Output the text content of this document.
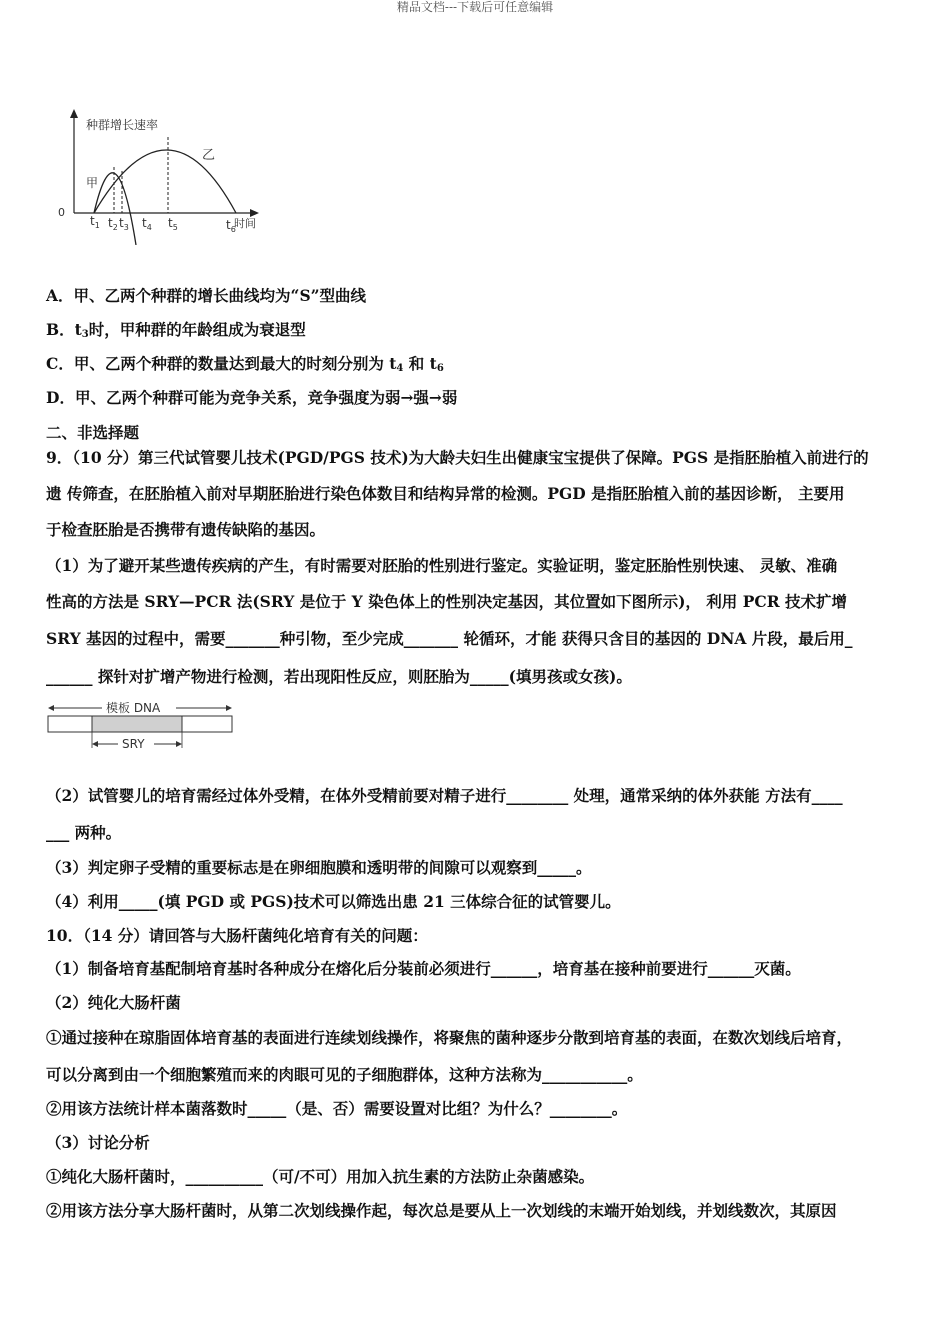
精品文档---下载后可任意编辑
种群增长速率
0
甲
乙
时间
$t_1$ $t_2$ $t_3$ $t_4$ $t_5$	$t_6$
A．甲、乙两个种群的增长曲线均为“S”型曲线
B．$t_3$时，甲种群的年龄组成为衰退型
C．甲、乙两个种群的数量达到最大的时刻分别为 $t_4$ 和 $t_6$
D．甲、乙两个种群可能为竞争关系，竞争强度为弱→强→弱
二、非选择题
9．（10 分）第三代试管婴儿技术(PGD/PGS 技术)为大龄夫妇生出健康宝宝提供了保障。PGS 是指胚胎植入前进行的
遗 传筛查，在胚胎植入前对早期胚胎进行染色体数目和结构异常的检测。PGD 是指胚胎植入前的基因诊断， 主要用
于检查胚胎是否携带有遗传缺陷的基因。
（1）为了避开某些遗传疾病的产生，有时需要对胚胎的性别进行鉴定。实验证明，鉴定胚胎性别快速、 灵敏、准确
性高的方法是 SRY—PCR 法(SRY 是位于 Y 染色体上的性别决定基因，其位置如下图所示)， 利用 PCR 技术扩增
SRY 基因的过程中，需要_______种引物，至少完成_______ 轮循环，才能 获得只含目的基因的 DNA 片段，最后用_
______ 探针对扩增产物进行检测，若出现阳性反应，则胚胎为_____(填男孩或女孩)。
模板 DNA
SRY
（2）试管婴儿的培育需经过体外受精，在体外受精前要对精子进行________ 处理，通常采纳的体外获能 方法有____
___ 两种。
（3）判定卵子受精的重要标志是在卵细胞膜和透明带的间隙可以观察到_____。
（4）利用_____(填 PGD 或 PGS)技术可以筛选出患 21 三体综合征的试管婴儿。
10．（14 分）请回答与大肠杆菌纯化培育有关的问题：
（1）制备培育基配制培育基时各种成分在熔化后分装前必须进行______，培育基在接种前要进行______灭菌。
（2）纯化大肠杆菌
①通过接种在琼脂固体培育基的表面进行连续划线操作，将聚焦的菌种逐步分散到培育基的表面，在数次划线后培育，
可以分离到由一个细胞繁殖而来的肉眼可见的子细胞群体，这种方法称为___________。
②用该方法统计样本菌落数时_____（是、否）需要设置对比组？为什么？________。
（3）讨论分析
①纯化大肠杆菌时，__________（可/不可）用加入抗生素的方法防止杂菌感染。
②用该方法分享大肠杆菌时，从第二次划线操作起，每次总是要从上一次划线的末端开始划线，并划线数次，其原因
